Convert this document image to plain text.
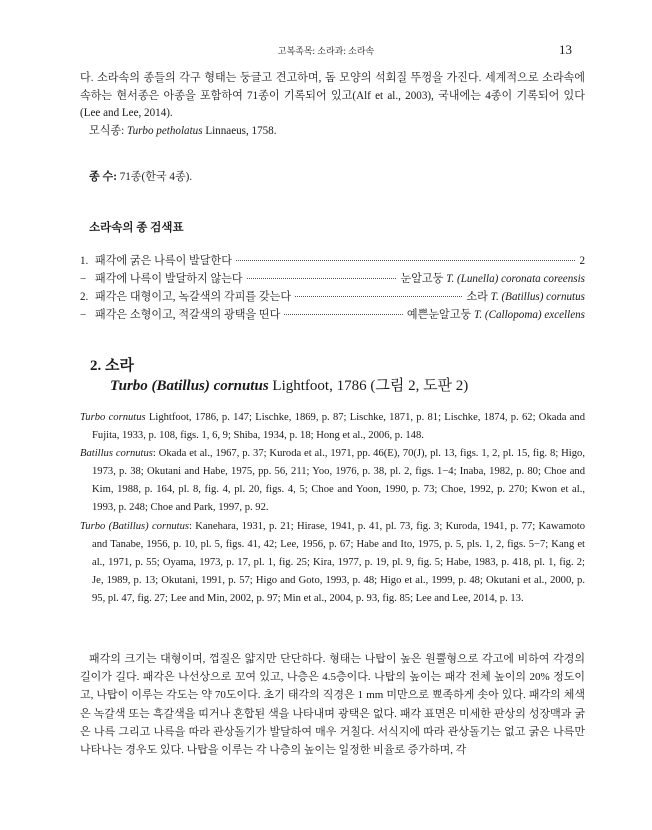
고복족목: 소라과: 소라속	13

다. 소라속의 종들의 각구 형태는 둥글고 견고하며, 돔 모양의 석회질 뚜껑을 가진다. 세계적으로 소라속에 속하는 현서종은 아종을 포함하여 71종이 기록되어 있고(Alf et al., 2003), 국내에는 4종이 기록되어 있다(Lee and Lee, 2014).

모식종: Turbo petholatus Linnaeus, 1758.

종 수: 71종(한국 4종).

소라속의 종 검색표

1. 패각에 굵은 나륵이 발달한다	2
− 패각에 나륵이 발달하지 않는다	눈알고둥 T. (Lunella) coronata coreensis
2. 패각은 대형이고, 녹갈색의 각피를 갖는다	소라 T. (Batillus) cornutus
− 패각은 소형이고, 적갈색의 광택을 띤다	예쁜눈알고둥 T. (Callopoma) excellens
2. 소라
Turbo (Batillus) cornutus Lightfoot, 1786 (그림 2, 도판 2)

Turbo cornutus Lightfoot, 1786, p. 147; Lischke, 1869, p. 87; Lischke, 1871, p. 81; Lischke, 1874, p. 62; Okada and Fujita, 1933, p. 108, figs. 1, 6, 9; Shiba, 1934, p. 18; Hong et al., 2006, p. 148.

Batillus cornutus: Okada et al., 1967, p. 37; Kuroda et al., 1971, pp. 46(E), 70(J), pl. 13, figs. 1, 2, pl. 15, fig. 8; Higo, 1973, p. 38; Okutani and Habe, 1975, pp. 56, 211; Yoo, 1976, p. 38, pl. 2, figs. 1−4; Inaba, 1982, p. 80; Choe and Kim, 1988, p. 164, pl. 8, fig. 4, pl. 20, figs. 4, 5; Choe and Yoon, 1990, p. 73; Choe, 1992, p. 270; Kwon et al., 1993, p. 248; Choe and Park, 1997, p. 92.

Turbo (Batillus) cornutus: Kanehara, 1931, p. 21; Hirase, 1941, p. 41, pl. 73, fig. 3; Kuroda, 1941, p. 77; Kawamoto and Tanabe, 1956, p. 10, pl. 5, figs. 41, 42; Lee, 1956, p. 67; Habe and Ito, 1975, p. 5, pls. 1, 2, figs. 5−7; Kang et al., 1971, p. 55; Oyama, 1973, p. 17, pl. 1, fig. 25; Kira, 1977, p. 19, pl. 9, fig. 5; Habe, 1983, p. 418, pl. 1, fig. 2; Je, 1989, p. 13; Okutani, 1991, p. 57; Higo and Goto, 1993, p. 48; Higo et al., 1999, p. 48; Okutani et al., 2000, p. 95, pl. 47, fig. 27; Lee and Min, 2002, p. 97; Min et al., 2004, p. 93, fig. 85; Lee and Lee, 2014, p. 13.

패각의 크기는 대형이며, 껍질은 얇지만 단단하다. 형태는 나탑이 높은 원뿔형으로 각고에 비하여 각경의 길이가 길다. 패각은 나선상으로 꼬여 있고, 나층은 4.5층이다. 나탑의 높이는 패각 전체 높이의 20% 정도이고, 나탑이 이루는 각도는 약 70도이다. 초기 태각의 직경은 1 mm 미만으로 뾰족하게 솟아 있다. 패각의 체색은 녹갈색 또는 흑갈색을 띠거나 혼합된 색을 나타내며 광택은 없다. 패각 표면은 미세한 판상의 성장맥과 굵은 나륵 그리고 나륵을 따라 관상돌기가 발달하여 매우 거칠다. 서식지에 따라 관상돌기는 없고 굵은 나륵만 나타나는 경우도 있다. 나탑을 이루는 각 나층의 높이는 일정한 비율로 증가하며, 각
